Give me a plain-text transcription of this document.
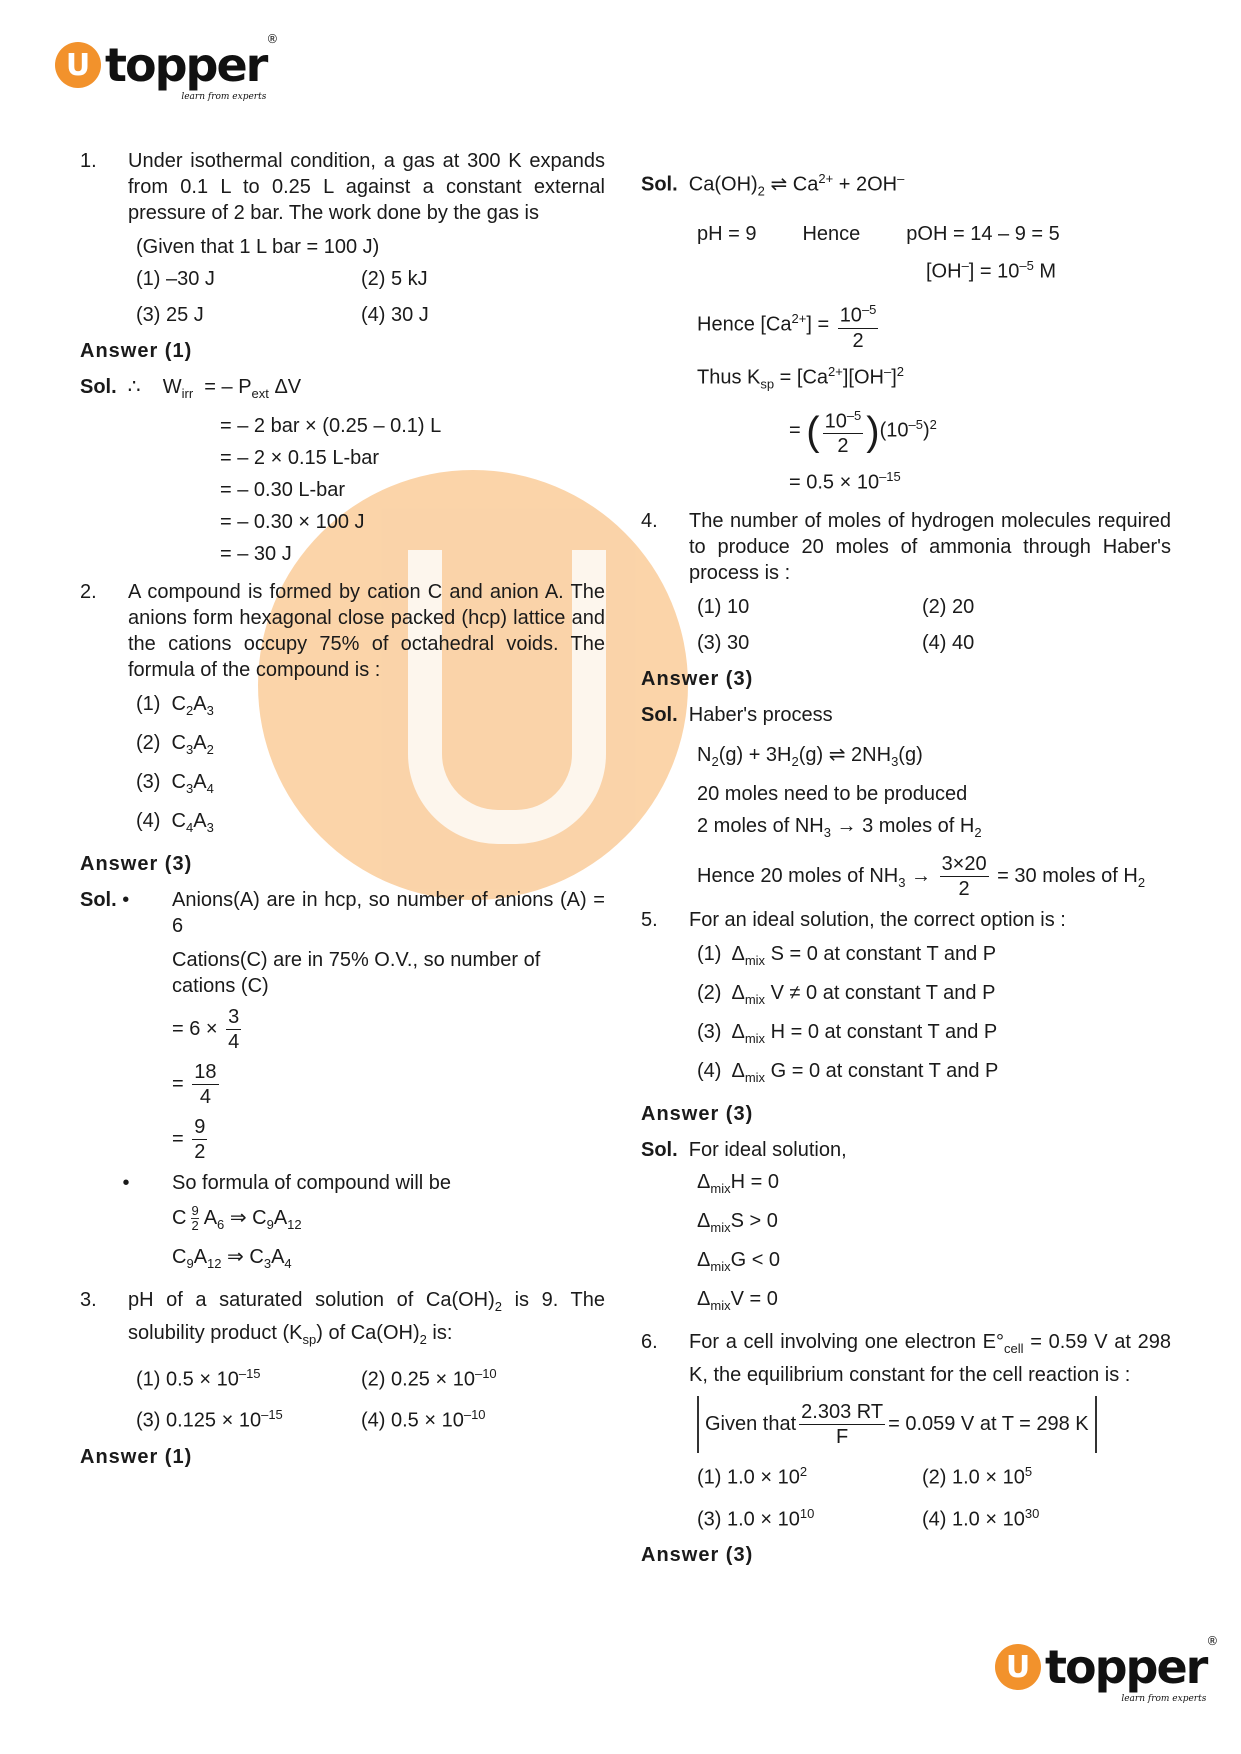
U topper ®
learn from experts
1.	Under isothermal condition, a gas at 300 K expands from 0.1 L to 0.25 L against a constant external pressure of 2 bar. The work done by the gas is
(Given that 1 L bar = 100 J)
(1) –30 J	(2) 5 kJ
(3) 25 J	(4) 30 J
Answer (1)
Sol.  ∴    $W_{irr}$  = – $P_{ext}$ ΔV
= – 2 bar × (0.25 – 0.1) L
= – 2 × 0.15 L-bar
= – 0.30 L-bar
= – 0.30 × 100 J
= – 30 J
2.	A compound is formed by cation C and anion A. The anions form hexagonal close packed (hcp) lattice and the cations occupy 75% of octahedral voids. The formula of the compound is :
(1)  $C_2A_3$
(2)  $C_3A_2$
(3)  $C_3A_4$
(4)  $C_4A_3$
Answer (3)
Sol. •	Anions(A) are in hcp, so number of anions (A) = 6
Cations(C) are in 75% O.V., so number of cations (C)
= $6 \times \frac{3}{4}$
= $\frac{18}{4}$
= $\frac{9}{2}$
•	So formula of compound will be
C $\frac{9}{2} A_6$ ⇒ $C_9A_{12}$
$C_9A_{12}$ ⇒ $C_3A_4$
3.	pH of a saturated solution of $Ca(OH)_2$ is 9. The solubility product $(K_{sp})$ of $Ca(OH)_2$ is:
(1) $0.5 \times 10^{-15}$	(2) $0.25 \times 10^{-10}$
(3) $0.125 \times 10^{-15}$	(4) $0.5 \times 10^{-10}$
Answer (1)
Sol.  $Ca(OH)_2$ ⇌ $Ca^{2+} + 2OH^-$
pH = 9 Hence pOH = 14 – 9 = 5
$[OH^-] = 10^{-5}$ M
Hence $[Ca^{2+}] = \frac{10^{-5}}{2}$
Thus $K_{sp} = [Ca^{2+}][OH^-]^2$
= ( $\frac{10^{-5}}{2} )(10^{-5})^2$
= $0.5 \times 10^{-15}$
4.	The number of moles of hydrogen molecules required to produce 20 moles of ammonia through Haber's process is :
(1) 10	(2) 20
(3) 30	(4) 40
Answer (3)
Sol. Haber's process
$N_2(g) + 3H_2(g)$ ⇌ $2NH_3(g)$
20 moles need to be produced
2 moles of $NH_3 \to 3$ moles of $H_2$
Hence 20 moles of $NH_3 \to \frac{3\times 20}{2} = 30$ moles of $H_2$
5.	For an ideal solution, the correct option is :
(1)  $\Delta_{mix}$ S = 0 at constant T and P
(2)  $\Delta_{mix}$ V ≠ 0 at constant T and P
(3)  $\Delta_{mix}$ H = 0 at constant T and P
(4)  $\Delta_{mix}$ G = 0 at constant T and P
Answer (3)
Sol. For ideal solution,
$\Delta_{mix}H = 0$
$\Delta_{mix}S > 0$
$\Delta_{mix}G < 0$
$\Delta_{mix}V = 0$
6.	For a cell involving one electron $E^\circ_{cell} = 0.59$ V at 298 K, the equilibrium constant for the cell reaction is :
Given that $\frac{2.303 RT}{F} = 0.059$ V at T = 298 K
(1) $1.0 \times 10^2$	(2) $1.0 \times 10^5$
(3) $1.0 \times 10^{10}$	(4) $1.0 \times 10^{30}$
Answer (3)
U topper ®
learn from experts
